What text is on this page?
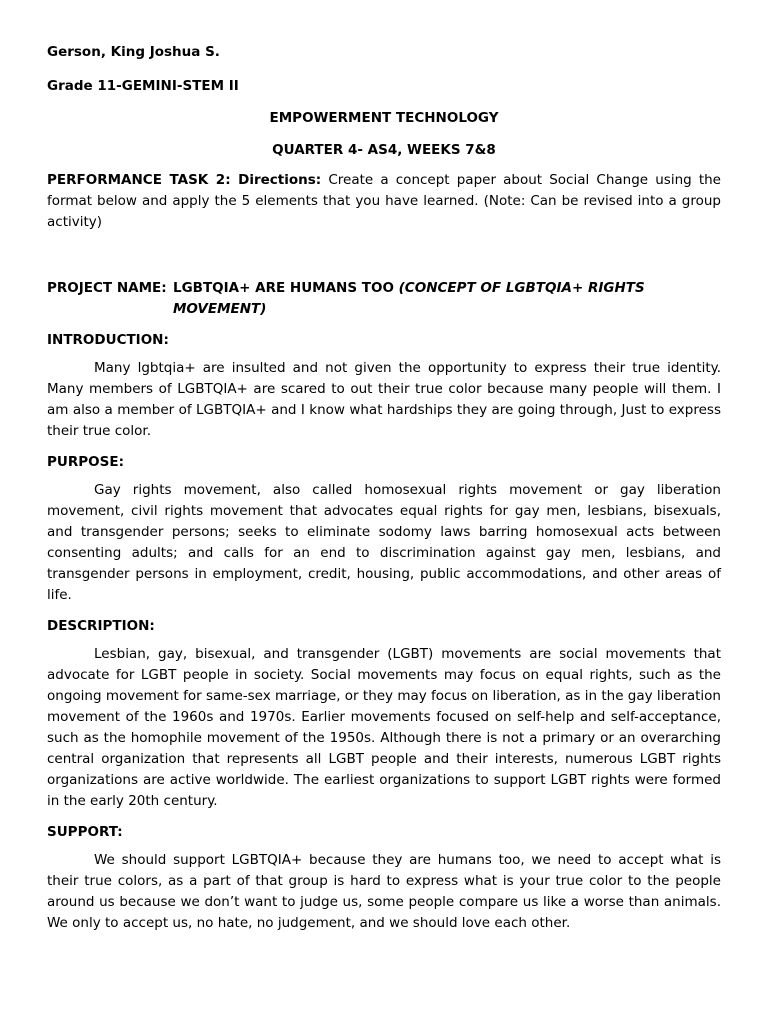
Gerson, King Joshua S.

Grade 11-GEMINI-STEM II

EMPOWERMENT TECHNOLOGY

QUARTER 4- AS4, WEEKS 7&8

PERFORMANCE TASK 2: Directions: Create a concept paper about Social Change using the format below and apply the 5 elements that you have learned. (Note: Can be revised into a group activity)

PROJECT NAME: LGBTQIA+ ARE HUMANS TOO (CONCEPT OF LGBTQIA+ RIGHTS MOVEMENT)

INTRODUCTION:

Many lgbtqia+ are insulted and not given the opportunity to express their true identity. Many members of LGBTQIA+ are scared to out their true color because many people will them. I am also a member of LGBTQIA+ and I know what hardships they are going through, Just to express their true color.

PURPOSE:

Gay rights movement, also called homosexual rights movement or gay liberation movement, civil rights movement that advocates equal rights for gay men, lesbians, bisexuals, and transgender persons; seeks to eliminate sodomy laws barring homosexual acts between consenting adults; and calls for an end to discrimination against gay men, lesbians, and transgender persons in employment, credit, housing, public accommodations, and other areas of life.

DESCRIPTION:

Lesbian, gay, bisexual, and transgender (LGBT) movements are social movements that advocate for LGBT people in society. Social movements may focus on equal rights, such as the ongoing movement for same-sex marriage, or they may focus on liberation, as in the gay liberation movement of the 1960s and 1970s. Earlier movements focused on self-help and self-acceptance, such as the homophile movement of the 1950s. Although there is not a primary or an overarching central organization that represents all LGBT people and their interests, numerous LGBT rights organizations are active worldwide. The earliest organizations to support LGBT rights were formed in the early 20th century.

SUPPORT:

We should support LGBTQIA+ because they are humans too, we need to accept what is their true colors, as a part of that group is hard to express what is your true color to the people around us because we don’t want to judge us, some people compare us like a worse than animals. We only to accept us, no hate, no judgement, and we should love each other.
